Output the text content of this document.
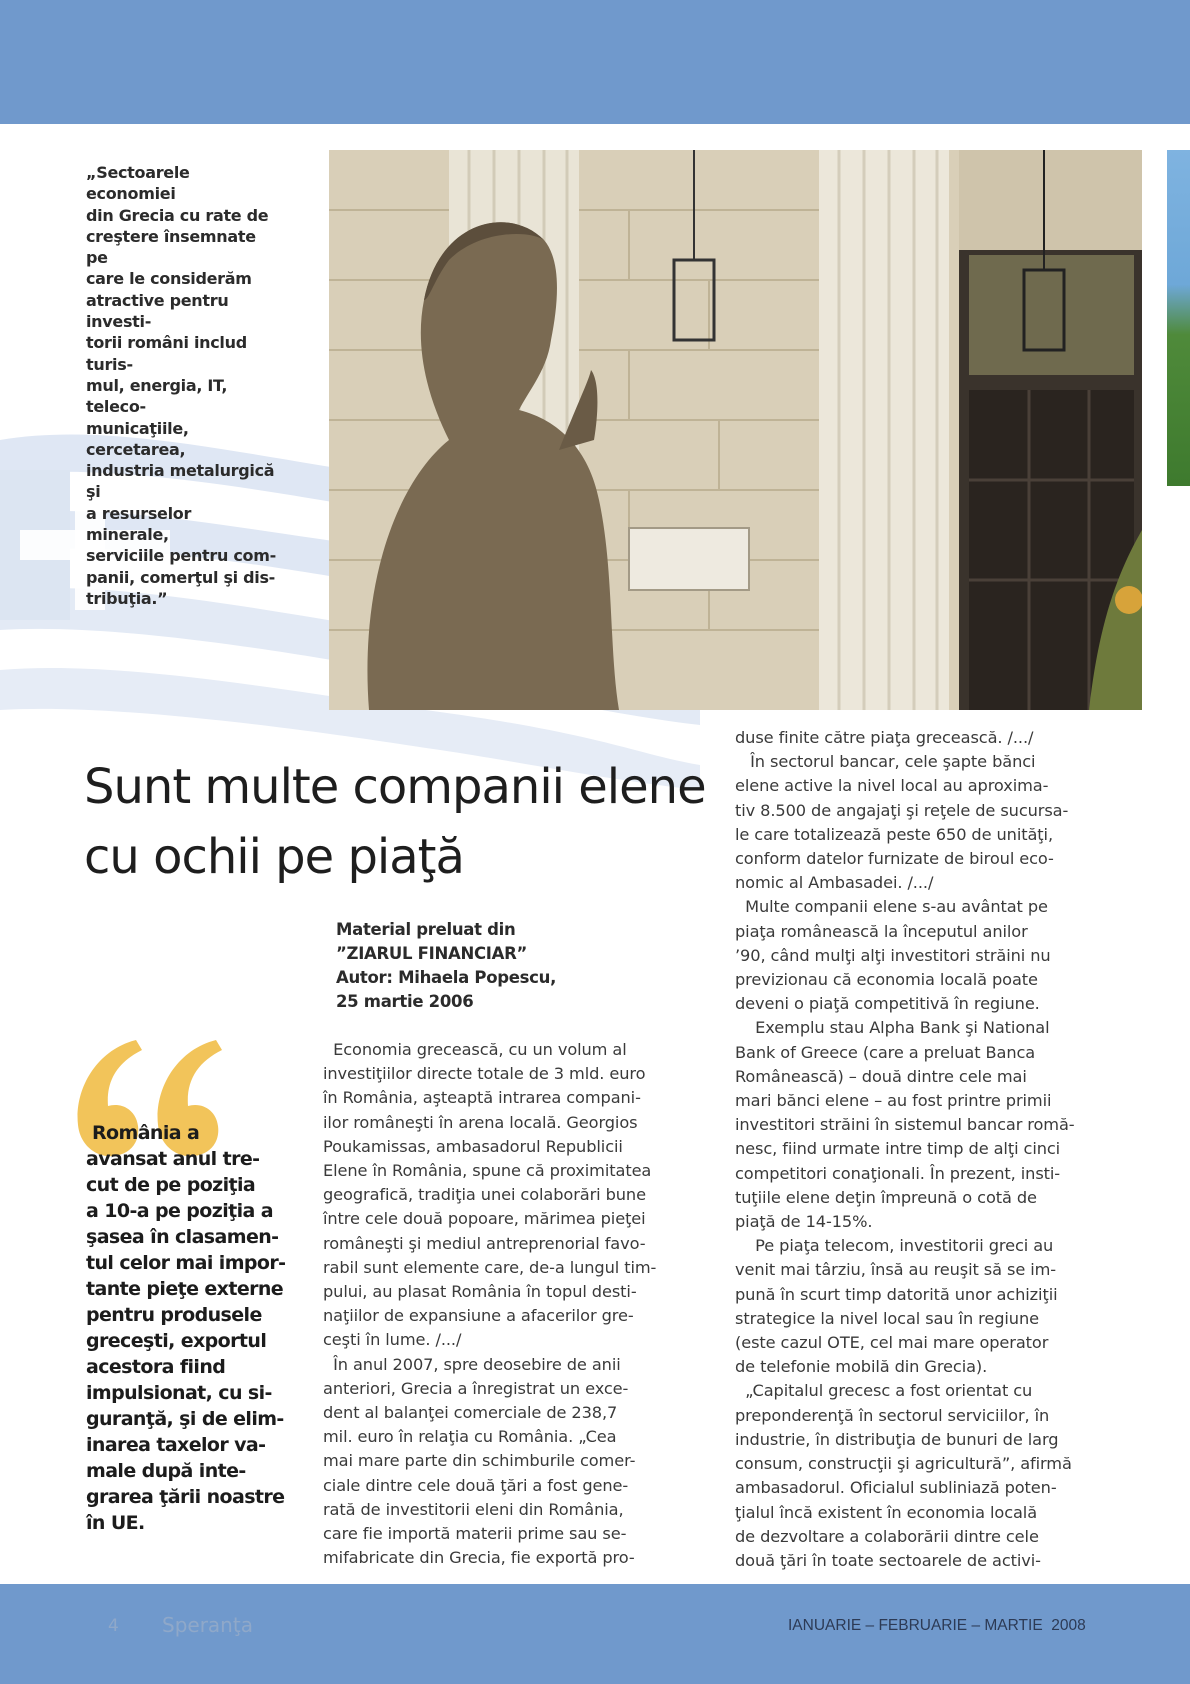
„Sectoarele economiei

din Grecia cu rate de

creştere însemnate pe

care le considerăm

atractive pentru investi-

torii români includ turis-

mul, energia, IT, teleco-

municaţiile, cercetarea,

industria metalurgică şi

a resurselor minerale,

serviciile pentru com-

panii, comerţul şi dis-

tribuţia.”

Sunt multe companii elene
cu ochii pe piaţă
Material preluat din
”ZIARUL FINANCIAR”
Autor: Mihaela Popescu,
25 martie 2006
România a
avansat anul tre-
cut de pe poziţia
a 10-a pe poziţia a
şasea în clasamen-
tul celor mai impor-
tante pieţe externe
pentru produsele
greceşti, exportul
acestora fiind
impulsionat, cu si-
guranţă, şi de elim-
inarea taxelor va-
male după inte-
grarea ţării noastre
în UE.
Economia grecească, cu un volum al
investiţiilor directe totale de 3 mld. euro
în România, aşteaptă intrarea compani-
ilor româneşti în arena locală. Georgios
Poukamissas, ambasadorul Republicii
Elene în România, spune că proximitatea
geografică, tradiţia unei colaborări bune
între cele două popoare, mărimea pieţei
româneşti şi mediul antreprenorial favo-
rabil sunt elemente care, de-a lungul tim-
pului, au plasat România în topul desti-
naţiilor de expansiune a afacerilor gre-
ceşti în lume. /.../
În anul 2007, spre deosebire de anii
anteriori, Grecia a înregistrat un exce-
dent al balanţei comerciale de 238,7
mil. euro în relaţia cu România. „Cea
mai mare parte din schimburile comer-
ciale dintre cele două ţări a fost gene-
rată de investitorii eleni din România,
care fie importă materii prime sau se-
mifabricate din Grecia, fie exportă pro-
duse finite către piaţa grecească. /.../
În sectorul bancar, cele şapte bănci
elene active la nivel local au aproxima-
tiv 8.500 de angajaţi şi reţele de sucursa-
le care totalizează peste 650 de unităţi,
conform datelor furnizate de biroul eco-
nomic al Ambasadei. /.../
Multe companii elene s-au avântat pe
piaţa românească la începutul anilor
’90, când mulţi alţi investitori străini nu
previzionau că economia locală poate
deveni o piaţă competitivă în regiune.
Exemplu stau Alpha Bank şi National
Bank of Greece (care a preluat Banca
Românească) – două dintre cele mai
mari bănci elene – au fost printre primii
investitori străini în sistemul bancar romă-
nesc, fiind urmate intre timp de alţi cinci
competitori conaţionali. În prezent, insti-
tuţiile elene deţin împreună o cotă de
piaţă de 14-15%.
Pe piaţa telecom, investitorii greci au
venit mai târziu, însă au reuşit să se im-
pună în scurt timp datorită unor achiziţii
strategice la nivel local sau în regiune
(este cazul OTE, cel mai mare operator
de telefonie mobilă din Grecia).
„Capitalul grecesc a fost orientat cu
preponderenţă în sectorul serviciilor, în
industrie, în distribuţia de bunuri de larg
consum, construcţii şi agricultură”, afirmă
ambasadorul. Oficialul subliniază poten-
ţialul încă existent în economia locală
de dezvoltare a colaborării dintre cele
două ţări în toate sectoarele de activi-
4 Speranţa	IANUARIE – FEBRUARIE – MARTIE  2008
